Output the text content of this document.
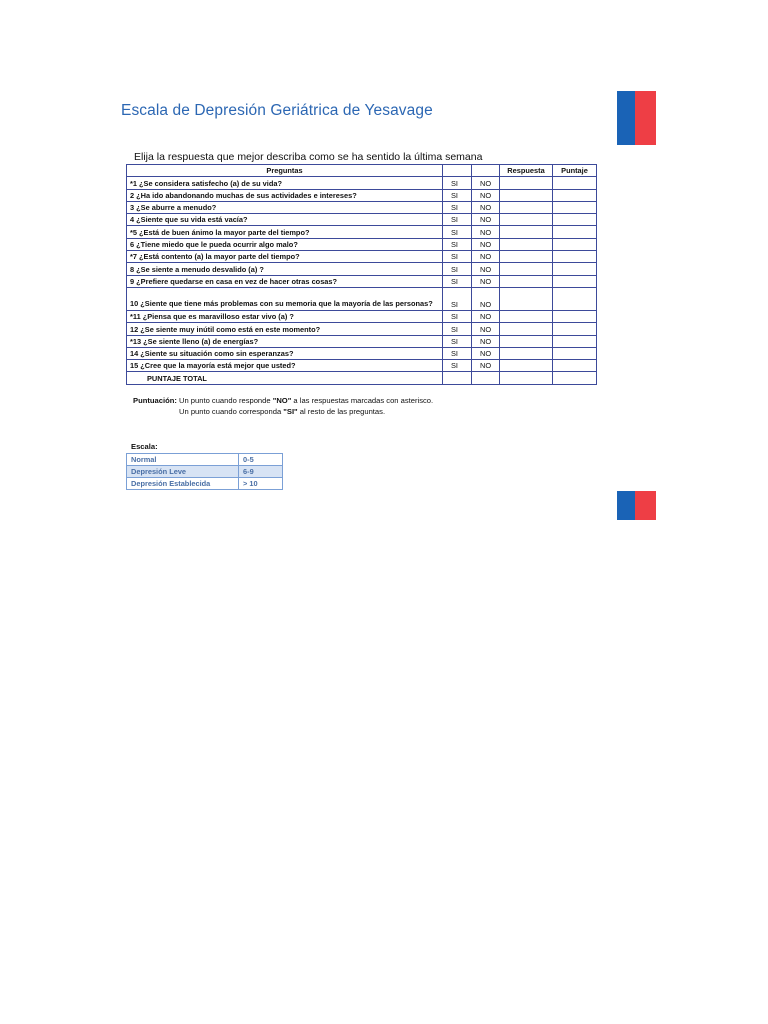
Escala de Depresión Geriátrica de Yesavage
Elija la respuesta que mejor describa como se ha sentido la última semana
Preguntas			Respuesta	Puntaje
*1 ¿Se considera satisfecho (a) de su vida?	SI	NO		
2 ¿Ha ido abandonando muchas de sus actividades e intereses?	SI	NO		
3 ¿Se aburre a menudo?	SI	NO		
4 ¿Siente que su vida está vacía?	SI	NO		
*5 ¿Está de buen ánimo la mayor parte del tiempo?	SI	NO		
6 ¿Tiene miedo que le pueda ocurrir algo malo?	SI	NO		
*7 ¿Está contento (a) la mayor parte del tiempo?	SI	NO		
8 ¿Se siente a menudo desvalido (a) ?	SI	NO		
9 ¿Prefiere quedarse en casa en vez de hacer otras cosas?	SI	NO		
10 ¿Siente que tiene más problemas con su memoria que la mayoría de las personas?	SI	NO		
*11 ¿Piensa que es maravilloso estar vivo (a) ?	SI	NO		
12 ¿Se siente muy inútil como está en este momento?	SI	NO		
*13 ¿Se siente lleno (a) de energías?	SI	NO		
14 ¿Siente su situación como sin esperanzas?	SI	NO		
15 ¿Cree que la mayoría está mejor que usted?	SI	NO		
PUNTAJE TOTAL				
Puntuación: Un punto cuando responde "NO" a las respuestas marcadas con asterisco.
Un punto cuando corresponda "SI" al resto de las preguntas.
Escala:
Normal	0-5
Depresión Leve	6-9
Depresión Establecida	> 10
